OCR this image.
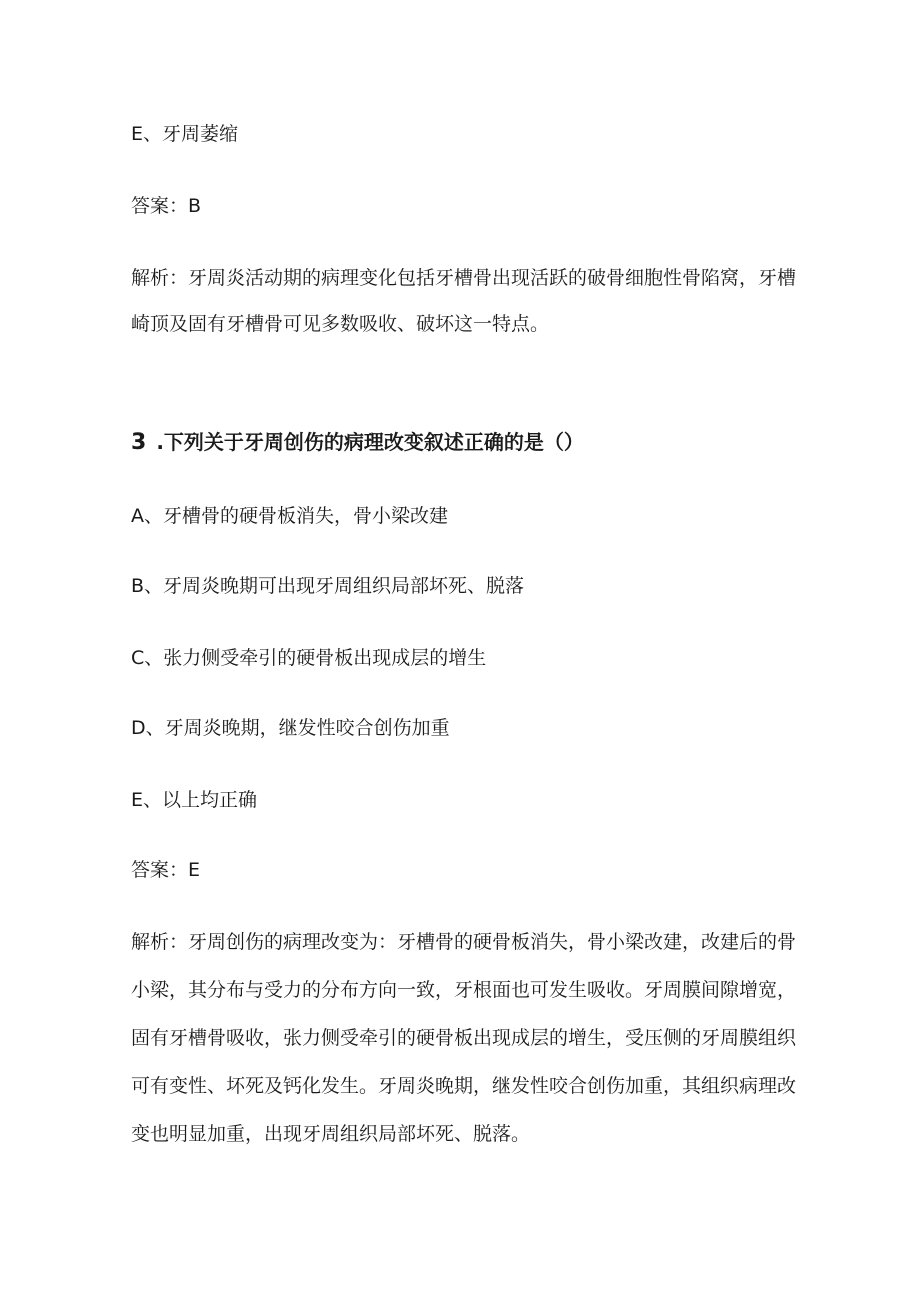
E、牙周萎缩
答案：B
解析：牙周炎活动期的病理变化包括牙槽骨出现活跃的破骨细胞性骨陷窝，牙槽
崎顶及固有牙槽骨可见多数吸收、破坏这一特点。
3 .下列关于牙周创伤的病理改变叙述正确的是（）
A、牙槽骨的硬骨板消失，骨小梁改建
B、牙周炎晚期可出现牙周组织局部坏死、脱落
C、张力侧受牵引的硬骨板出现成层的增生
D、牙周炎晚期，继发性咬合创伤加重
E、以上均正确
答案：E
解析：牙周创伤的病理改变为：牙槽骨的硬骨板消失，骨小梁改建，改建后的骨
小梁，其分布与受力的分布方向一致，牙根面也可发生吸收。牙周膜间隙增宽，
固有牙槽骨吸收，张力侧受牵引的硬骨板出现成层的增生，受压侧的牙周膜组织
可有变性、坏死及钙化发生。牙周炎晚期，继发性咬合创伤加重，其组织病理改
变也明显加重，出现牙周组织局部坏死、脱落。
